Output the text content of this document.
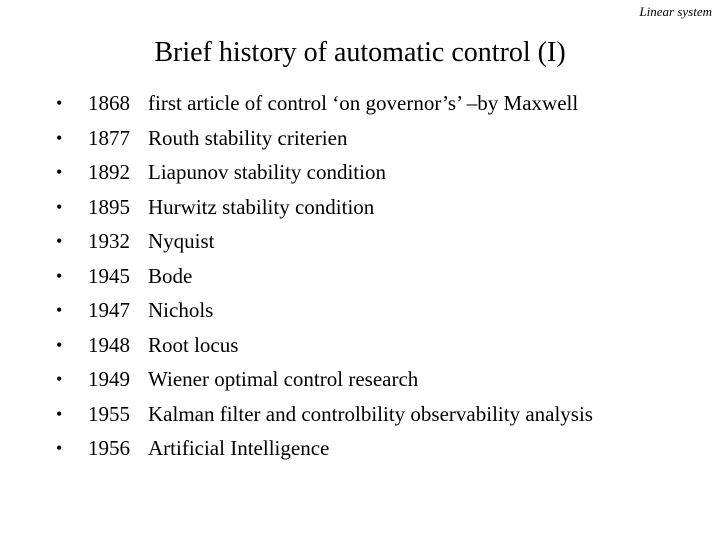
Linear system
Brief history of automatic control (I)
•	1868 first article of control ‘on governor’s’ –by Maxwell
•	1877 Routh stability criterien
•	1892 Liapunov stability condition
•	1895 Hurwitz stability condition
•	1932 Nyquist
•	1945 Bode
•	1947 Nichols
•	1948 Root locus
•	1949 Wiener optimal control research
•	1955 Kalman filter and controlbility observability analysis
•	1956 Artificial Intelligence
